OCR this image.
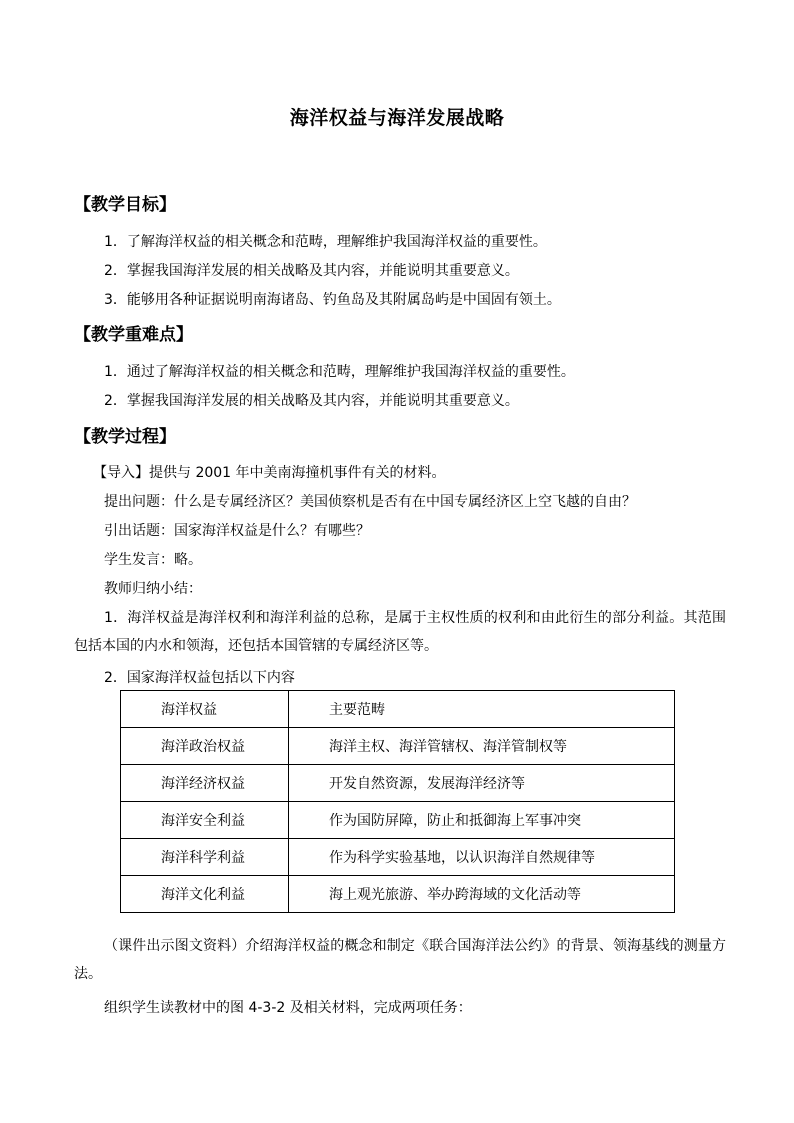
海洋权益与海洋发展战略
【教学目标】
1．了解海洋权益的相关概念和范畴，理解维护我国海洋权益的重要性。
2．掌握我国海洋发展的相关战略及其内容，并能说明其重要意义。
3．能够用各种证据说明南海诸岛、钓鱼岛及其附属岛屿是中国固有领土。
【教学重难点】
1．通过了解海洋权益的相关概念和范畴，理解维护我国海洋权益的重要性。
2．掌握我国海洋发展的相关战略及其内容，并能说明其重要意义。
【教学过程】
【导入】提供与 2001 年中美南海撞机事件有关的材料。
提出问题：什么是专属经济区？美国侦察机是否有在中国专属经济区上空飞越的自由？
引出话题：国家海洋权益是什么？有哪些？
学生发言：略。
教师归纳小结：
1．海洋权益是海洋权利和海洋利益的总称，是属于主权性质的权利和由此衍生的部分利益。其范围包括本国的内水和领海，还包括本国管辖的专属经济区等。
2．国家海洋权益包括以下内容
海洋权益	主要范畴
海洋政治权益	海洋主权、海洋管辖权、海洋管制权等
海洋经济权益	开发自然资源，发展海洋经济等
海洋安全利益	作为国防屏障，防止和抵御海上军事冲突
海洋科学利益	作为科学实验基地，以认识海洋自然规律等
海洋文化利益	海上观光旅游、举办跨海域的文化活动等
（课件出示图文资料）介绍海洋权益的概念和制定《联合国海洋法公约》的背景、领海基线的测量方法。
组织学生读教材中的图 4-3-2 及相关材料，完成两项任务：
